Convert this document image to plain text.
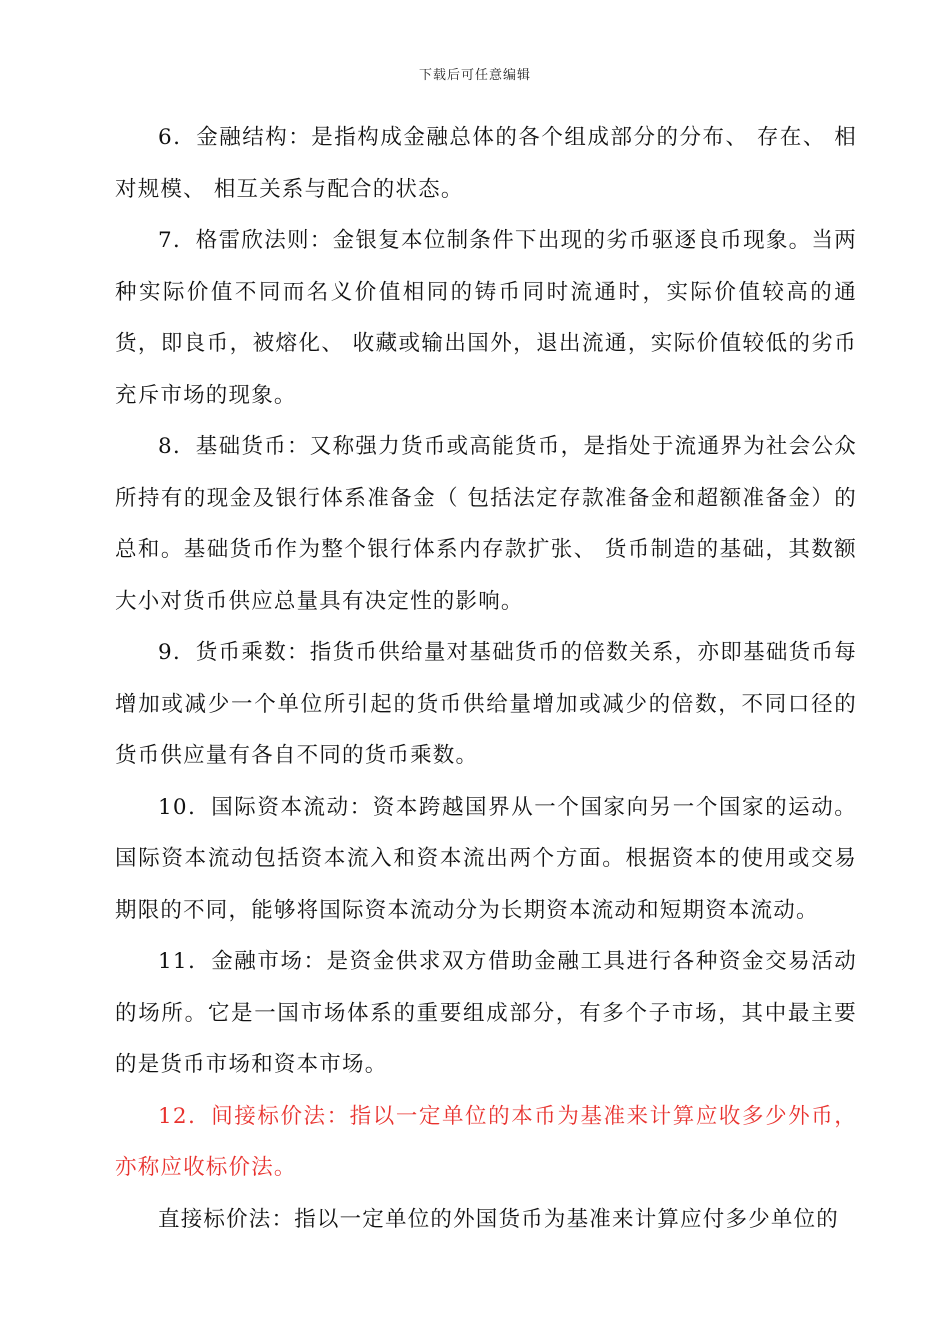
下载后可任意编辑

6．金融结构：是指构成金融总体的各个组成部分的分布、 存在、 相对规模、 相互关系与配合的状态。

7．格雷欣法则：金银复本位制条件下出现的劣币驱逐良币现象。当两种实际价值不同而名义价值相同的铸币同时流通时，实际价值较高的通货，即良币，被熔化、 收藏或输出国外，退出流通，实际价值较低的劣币充斥市场的现象。

8．基础货币：又称强力货币或高能货币，是指处于流通界为社会公众所持有的现金及银行体系准备金（ 包括法定存款准备金和超额准备金）的总和。基础货币作为整个银行体系内存款扩张、 货币制造的基础，其数额大小对货币供应总量具有决定性的影响。

9．货币乘数：指货币供给量对基础货币的倍数关系，亦即基础货币每增加或减少一个单位所引起的货币供给量增加或减少的倍数，不同口径的货币供应量有各自不同的货币乘数。

10．国际资本流动：资本跨越国界从一个国家向另一个国家的运动。国际资本流动包括资本流入和资本流出两个方面。根据资本的使用或交易期限的不同，能够将国际资本流动分为长期资本流动和短期资本流动。

11．金融市场：是资金供求双方借助金融工具进行各种资金交易活动的场所。它是一国市场体系的重要组成部分，有多个子市场，其中最主要的是货币市场和资本市场。

12．间接标价法：指以一定单位的本币为基准来计算应收多少外币，亦称应收标价法。

直接标价法：指以一定单位的外国货币为基准来计算应付多少单位的
